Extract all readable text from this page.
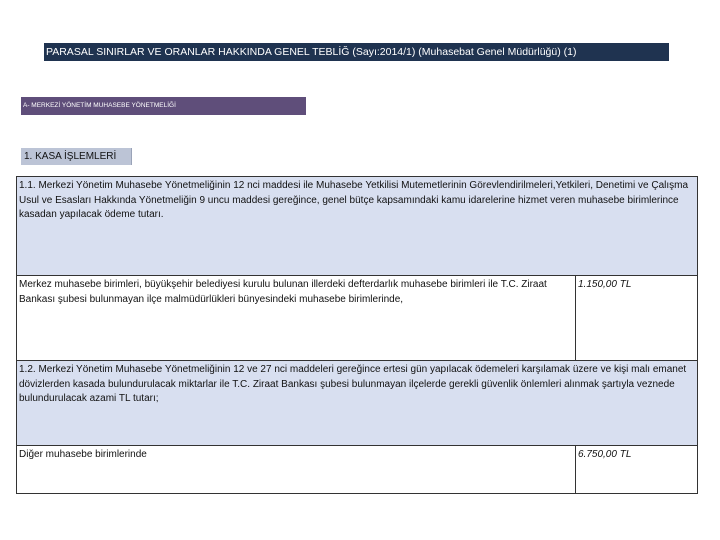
PARASAL SINIRLAR VE ORANLAR HAKKINDA GENEL TEBLİĞ (Sayı:2014/1) (Muhasebat Genel Müdürlüğü) (1)
A- MERKEZİ YÖNETİM MUHASEBE YÖNETMELİĞİ
1. KASA İŞLEMLERİ
1.1. Merkezi Yönetim Muhasebe Yönetmeliğinin 12 nci maddesi ile Muhasebe Yetkilisi Mutemetlerinin Görevlendirilmeleri,Yetkileri, Denetimi ve Çalışma Usul ve Esasları Hakkında Yönetmeliğin 9 uncu maddesi gereğince, genel bütçe kapsamındaki kamu idarelerine hizmet veren muhasebe birimlerince kasadan yapılacak ödeme tutarı.
Merkez muhasebe birimleri, büyükşehir belediyesi kurulu bulunan illerdeki defterdarlık muhasebe birimleri ile T.C. Ziraat Bankası şubesi bulunmayan ilçe malmüdürlükleri bünyesindeki muhasebe birimlerinde,
1.150,00 TL
1.2. Merkezi Yönetim Muhasebe Yönetmeliğinin 12 ve 27 nci maddeleri gereğince ertesi gün yapılacak ödemeleri karşılamak üzere ve kişi malı emanet dövizlerden kasada bulundurulacak miktarlar ile T.C. Ziraat Bankası şubesi bulunmayan ilçelerde gerekli güvenlik önlemleri alınmak şartıyla veznede bulundurulacak azami TL tutarı;
Diğer muhasebe birimlerinde	6.750,00 TL
